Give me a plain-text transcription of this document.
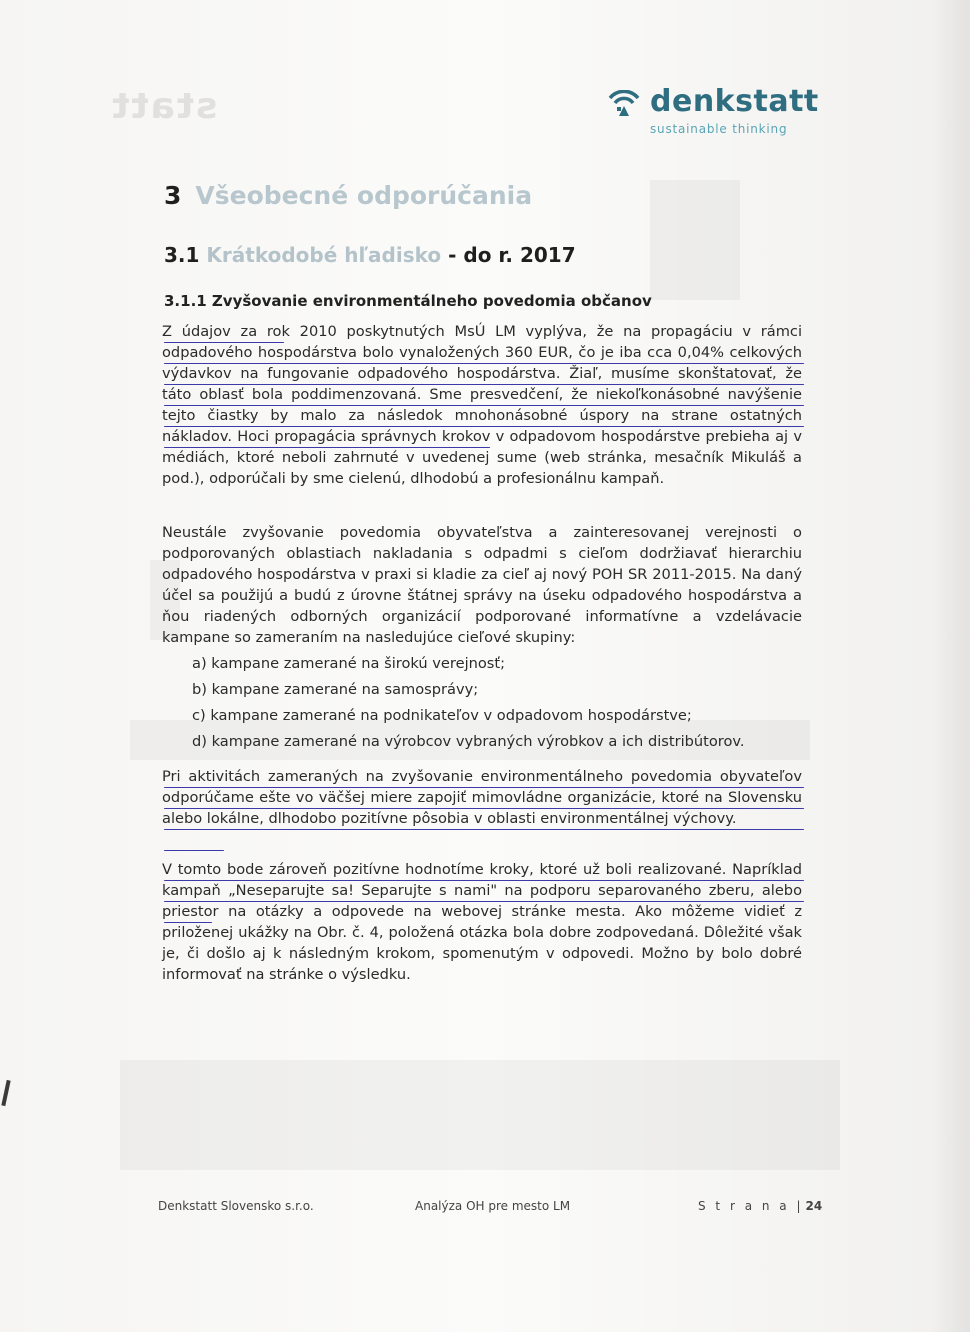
statt	denkstatt
sustainable thinking
3 Všeobecné odporúčania
3.1 Krátkodobé hľadisko - do r. 2017
3.1.1 Zvyšovanie environmentálneho povedomia občanov
Z údajov za rok 2010 poskytnutých MsÚ LM vyplýva, že na propagáciu v rámci odpadového hospodárstva bolo vynaložených 360 EUR, čo je iba cca 0,04% celkových výdavkov na fungovanie odpadového hospodárstva. Žiaľ, musíme skonštatovať, že táto oblasť bola poddimenzovaná. Sme presvedčení, že niekoľkonásobné navýšenie tejto čiastky by malo za následok mnohonásobné úspory na strane ostatných nákladov. Hoci propagácia správnych krokov v odpadovom hospodárstve prebieha aj v médiách, ktoré neboli zahrnuté v uvedenej sume (web stránka, mesačník Mikuláš a pod.), odporúčali by sme cielenú, dlhodobú a profesionálnu kampaň.
Neustále zvyšovanie povedomia obyvateľstva a zainteresovanej verejnosti o podporovaných oblastiach nakladania s odpadmi s cieľom dodržiavať hierarchiu odpadového hospodárstva v praxi si kladie za cieľ aj nový POH SR 2011-2015. Na daný účel sa použijú a budú z úrovne štátnej správy na úseku odpadového hospodárstva a ňou riadených odborných organizácií podporované informatívne a vzdelávacie kampane so zameraním na nasledujúce cieľové skupiny:
a) kampane zamerané na širokú verejnosť;
b) kampane zamerané na samosprávy;
c) kampane zamerané na podnikateľov v odpadovom hospodárstve;
d) kampane zamerané na výrobcov vybraných výrobkov a ich distribútorov.
Pri aktivitách zameraných na zvyšovanie environmentálneho povedomia obyvateľov odporúčame ešte vo väčšej miere zapojiť mimovládne organizácie, ktoré na Slovensku alebo lokálne, dlhodobo pozitívne pôsobia v oblasti environmentálnej výchovy.
V tomto bode zároveň pozitívne hodnotíme kroky, ktoré už boli realizované. Napríklad kampaň „Neseparujte sa! Separujte s nami" na podporu separovaného zberu, alebo priestor na otázky a odpovede na webovej stránke mesta. Ako môžeme vidieť z priloženej ukážky na Obr. č. 4, položená otázka bola dobre zodpovedaná. Dôležité však je, či došlo aj k následným krokom, spomenutým v odpovedi. Možno by bolo dobré informovať na stránke o výsledku.
Denkstatt Slovensko s.r.o.	Analýza OH pre mesto LM	S t r a n a | 24
